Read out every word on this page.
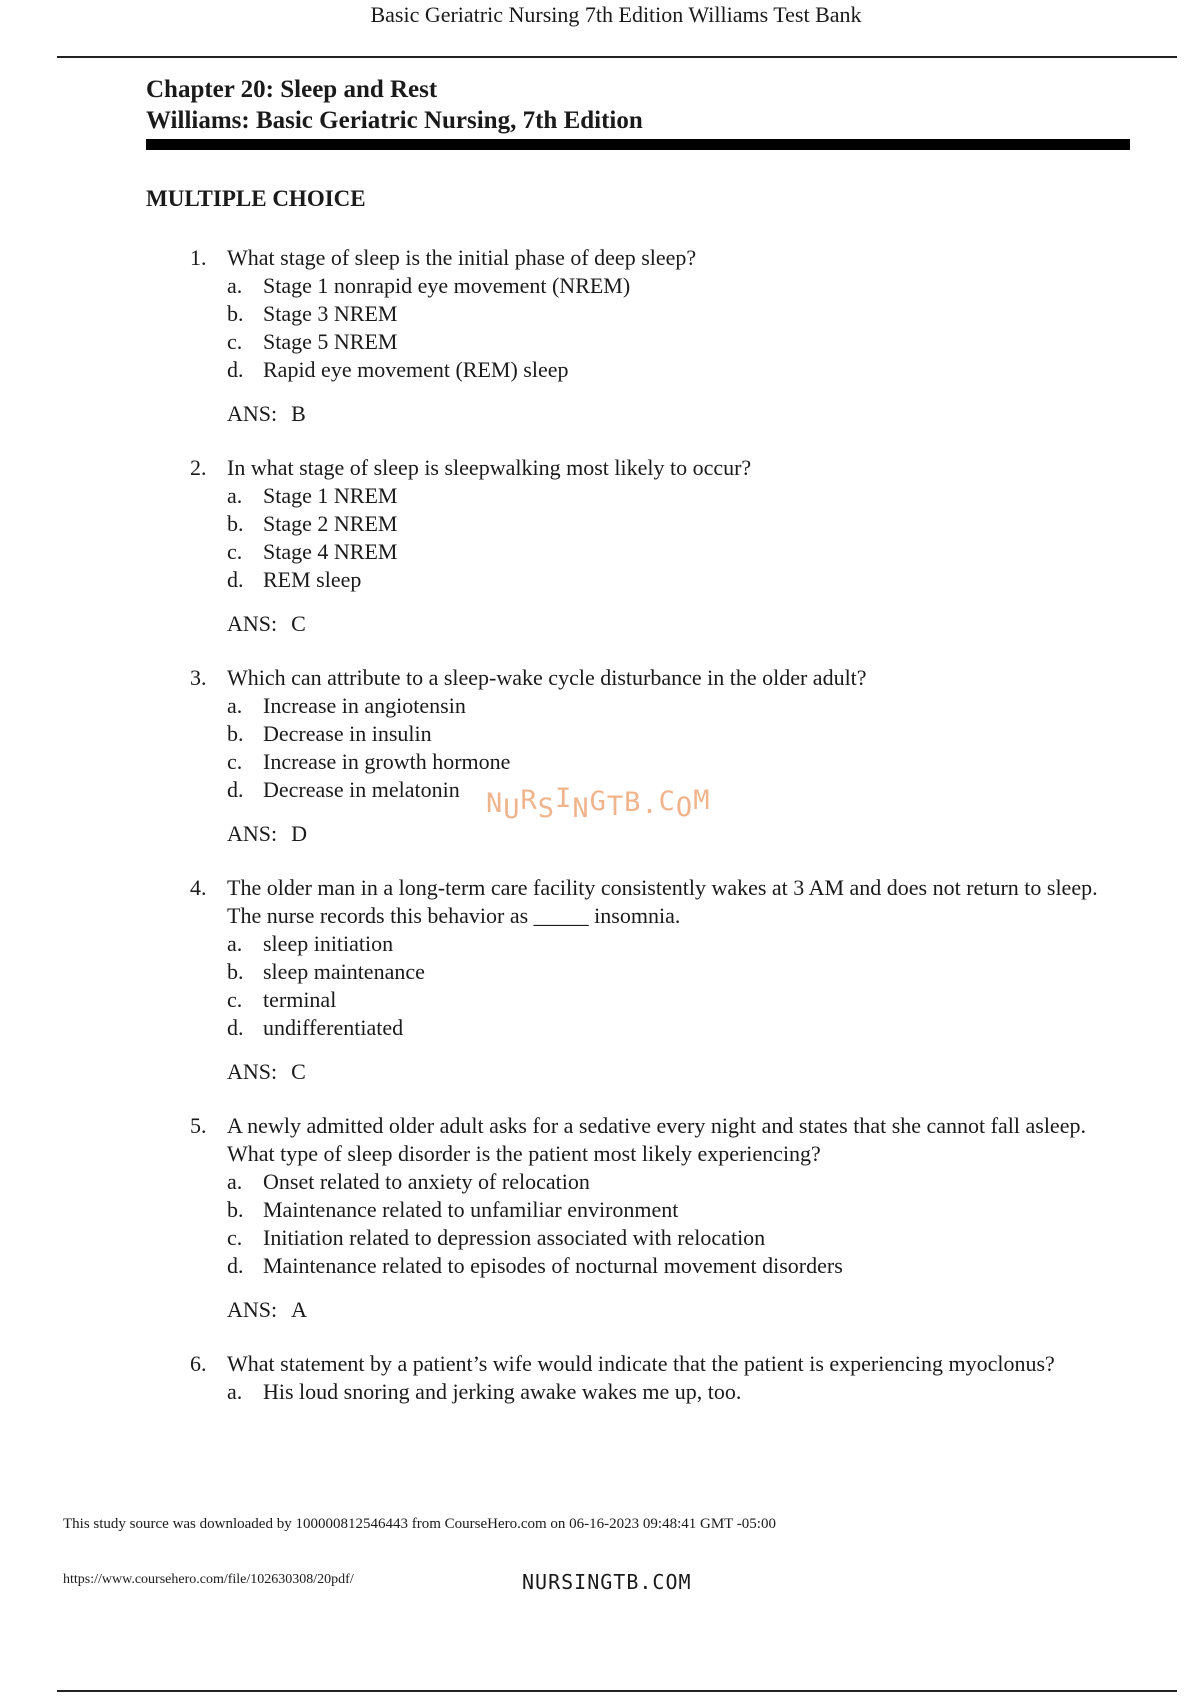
Basic Geriatric Nursing 7th Edition Williams Test Bank
Chapter 20: Sleep and Rest
Williams: Basic Geriatric Nursing, 7th Edition
MULTIPLE CHOICE
1. What stage of sleep is the initial phase of deep sleep?
a. Stage 1 nonrapid eye movement (NREM)
b. Stage 3 NREM
c. Stage 5 NREM
d. Rapid eye movement (REM) sleep
ANS: B
2. In what stage of sleep is sleepwalking most likely to occur?
a. Stage 1 NREM
b. Stage 2 NREM
c. Stage 4 NREM
d. REM sleep
ANS: C
3. Which can attribute to a sleep-wake cycle disturbance in the older adult?
a. Increase in angiotensin
b. Decrease in insulin
c. Increase in growth hormone
d. Decrease in melatonin
ANS: D
4. The older man in a long-term care facility consistently wakes at 3 AM and does not return to sleep. The nurse records this behavior as _____ insomnia.
a. sleep initiation
b. sleep maintenance
c. terminal
d. undifferentiated
ANS: C
5. A newly admitted older adult asks for a sedative every night and states that she cannot fall asleep. What type of sleep disorder is the patient most likely experiencing?
a. Onset related to anxiety of relocation
b. Maintenance related to unfamiliar environment
c. Initiation related to depression associated with relocation
d. Maintenance related to episodes of nocturnal movement disorders
ANS: A
6. What statement by a patient’s wife would indicate that the patient is experiencing myoclonus?
a. His loud snoring and jerking awake wakes me up, too.
NURSINGTB.COM
This study source was downloaded by 100000812546443 from CourseHero.com on 06-16-2023 09:48:41 GMT -05:00
https://www.coursehero.com/file/102630308/20pdf/	NURSINGTB.COM
